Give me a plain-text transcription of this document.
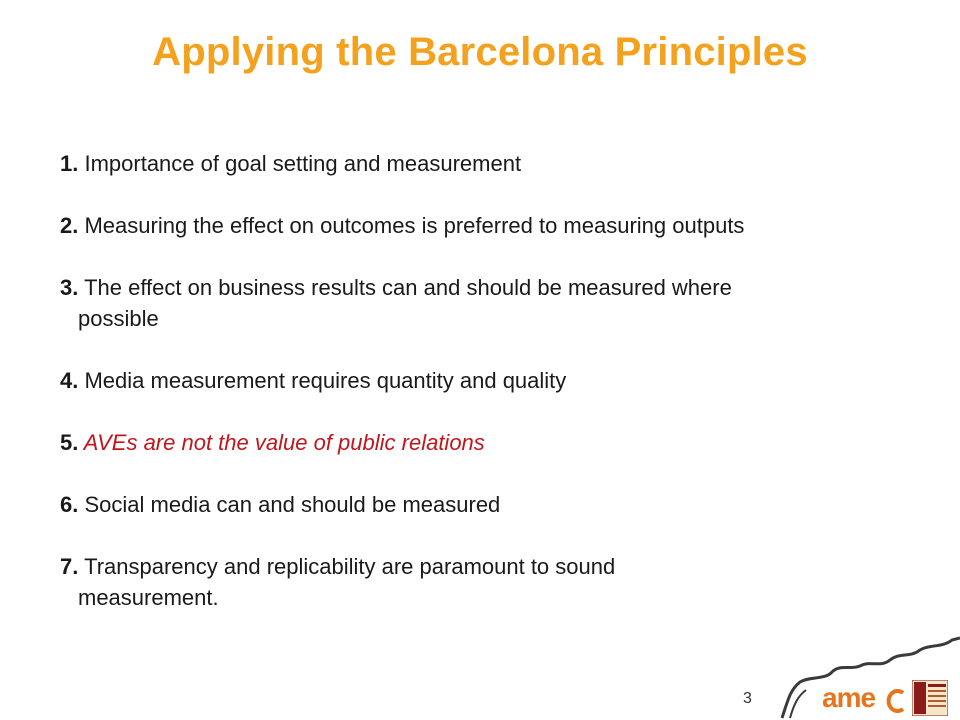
Applying the Barcelona Principles
1. Importance of goal setting and measurement
2. Measuring the effect on outcomes is preferred to measuring outputs
3. The effect on business results can and should be measured where
possible
4. Media measurement requires quantity and quality
5. AVEs are not the value of public relations
6. Social media can and should be measured
7. Transparency and replicability are paramount to sound
measurement.
3	ame
